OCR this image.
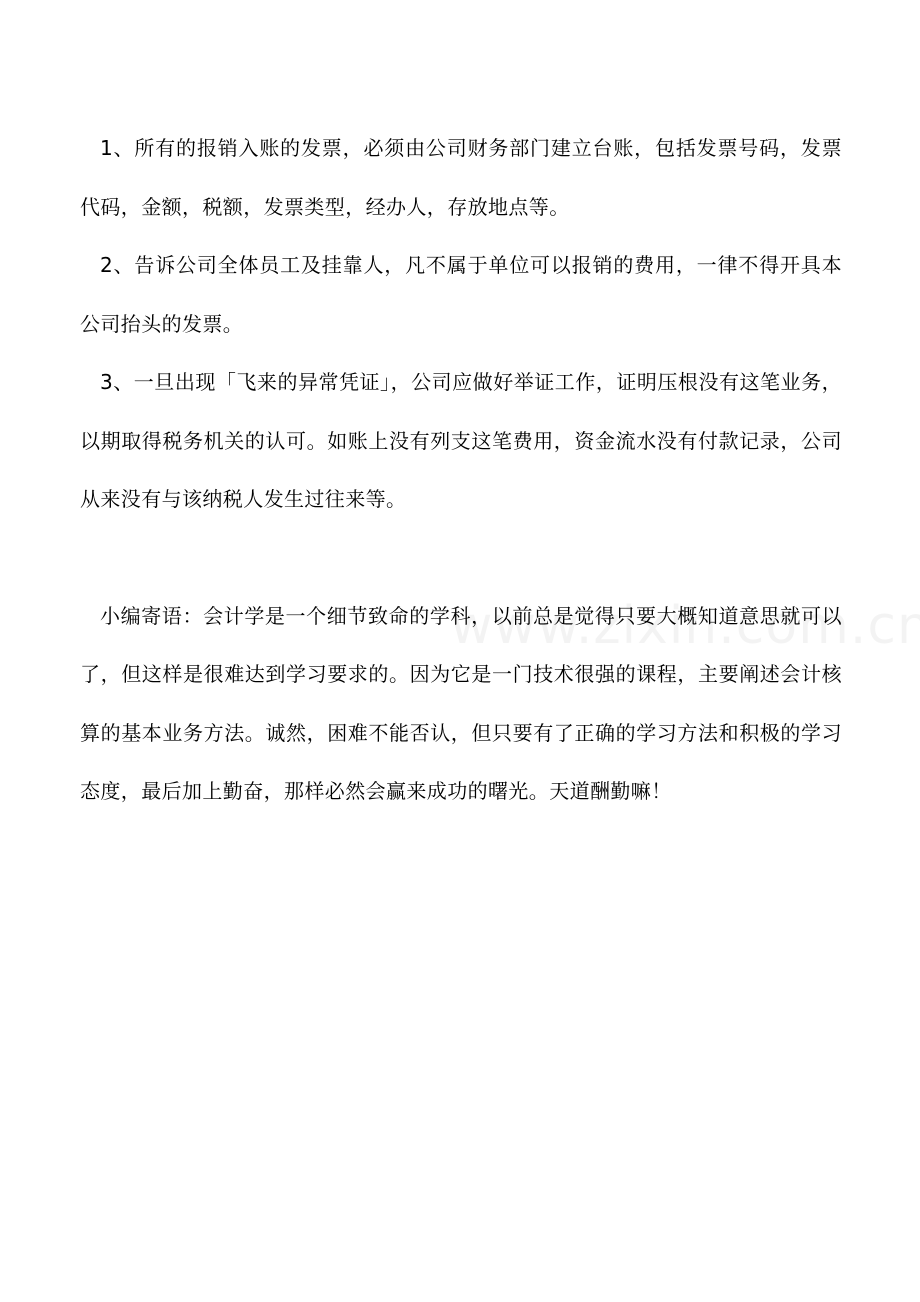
1、所有的报销入账的发票，必须由公司财务部门建立台账，包括发票号码，发票代码，金额，税额，发票类型，经办人，存放地点等。

2、告诉公司全体员工及挂靠人，凡不属于单位可以报销的费用，一律不得开具本公司抬头的发票。

3、一旦出现「飞来的异常凭证」，公司应做好举证工作，证明压根没有这笔业务，以期取得税务机关的认可。如账上没有列支这笔费用，资金流水没有付款记录，公司从来没有与该纳税人发生过往来等。

小编寄语：会计学是一个细节致命的学科，以前总是觉得只要大概知道意思就可以了，但这样是很难达到学习要求的。因为它是一门技术很强的课程，主要阐述会计核算的基本业务方法。诚然，困难不能否认，但只要有了正确的学习方法和积极的学习态度，最后加上勤奋，那样必然会赢来成功的曙光。天道酬勤嘛！
